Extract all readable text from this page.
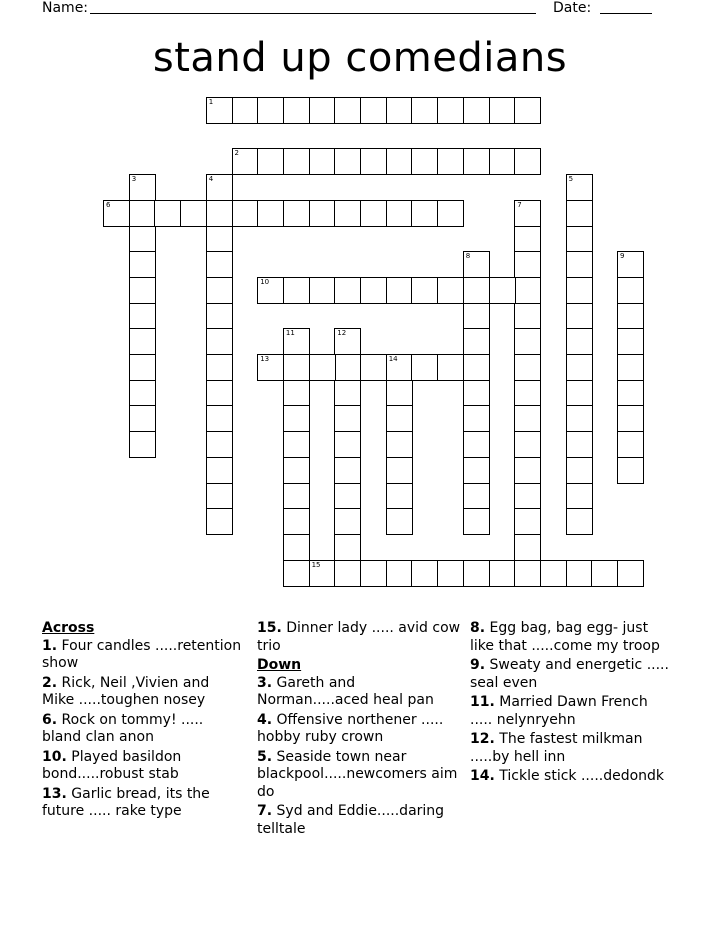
Name:	Date:
stand up comedians
1
2
3	4	5
6	7
8	9
10
11	12
13	14
15
Across
1. Four candles .....retention show
2. Rick, Neil ,Vivien and Mike .....toughen nosey
6. Rock on tommy! ..... bland clan anon
10. Played basildon bond.....robust stab
13. Garlic bread, its the future ..... rake type
15. Dinner lady ..... avid cow trio
Down
3. Gareth and Norman.....aced heal pan
4. Offensive northener ..... hobby ruby crown
5. Seaside town near blackpool.....newcomers aim do
7. Syd and Eddie.....daring telltale
8. Egg bag, bag egg- just like that .....come my troop
9. Sweaty and energetic ..... seal even
11. Married Dawn French ..... nelynryehn
12. The fastest milkman .....by hell inn
14. Tickle stick .....dedondk
